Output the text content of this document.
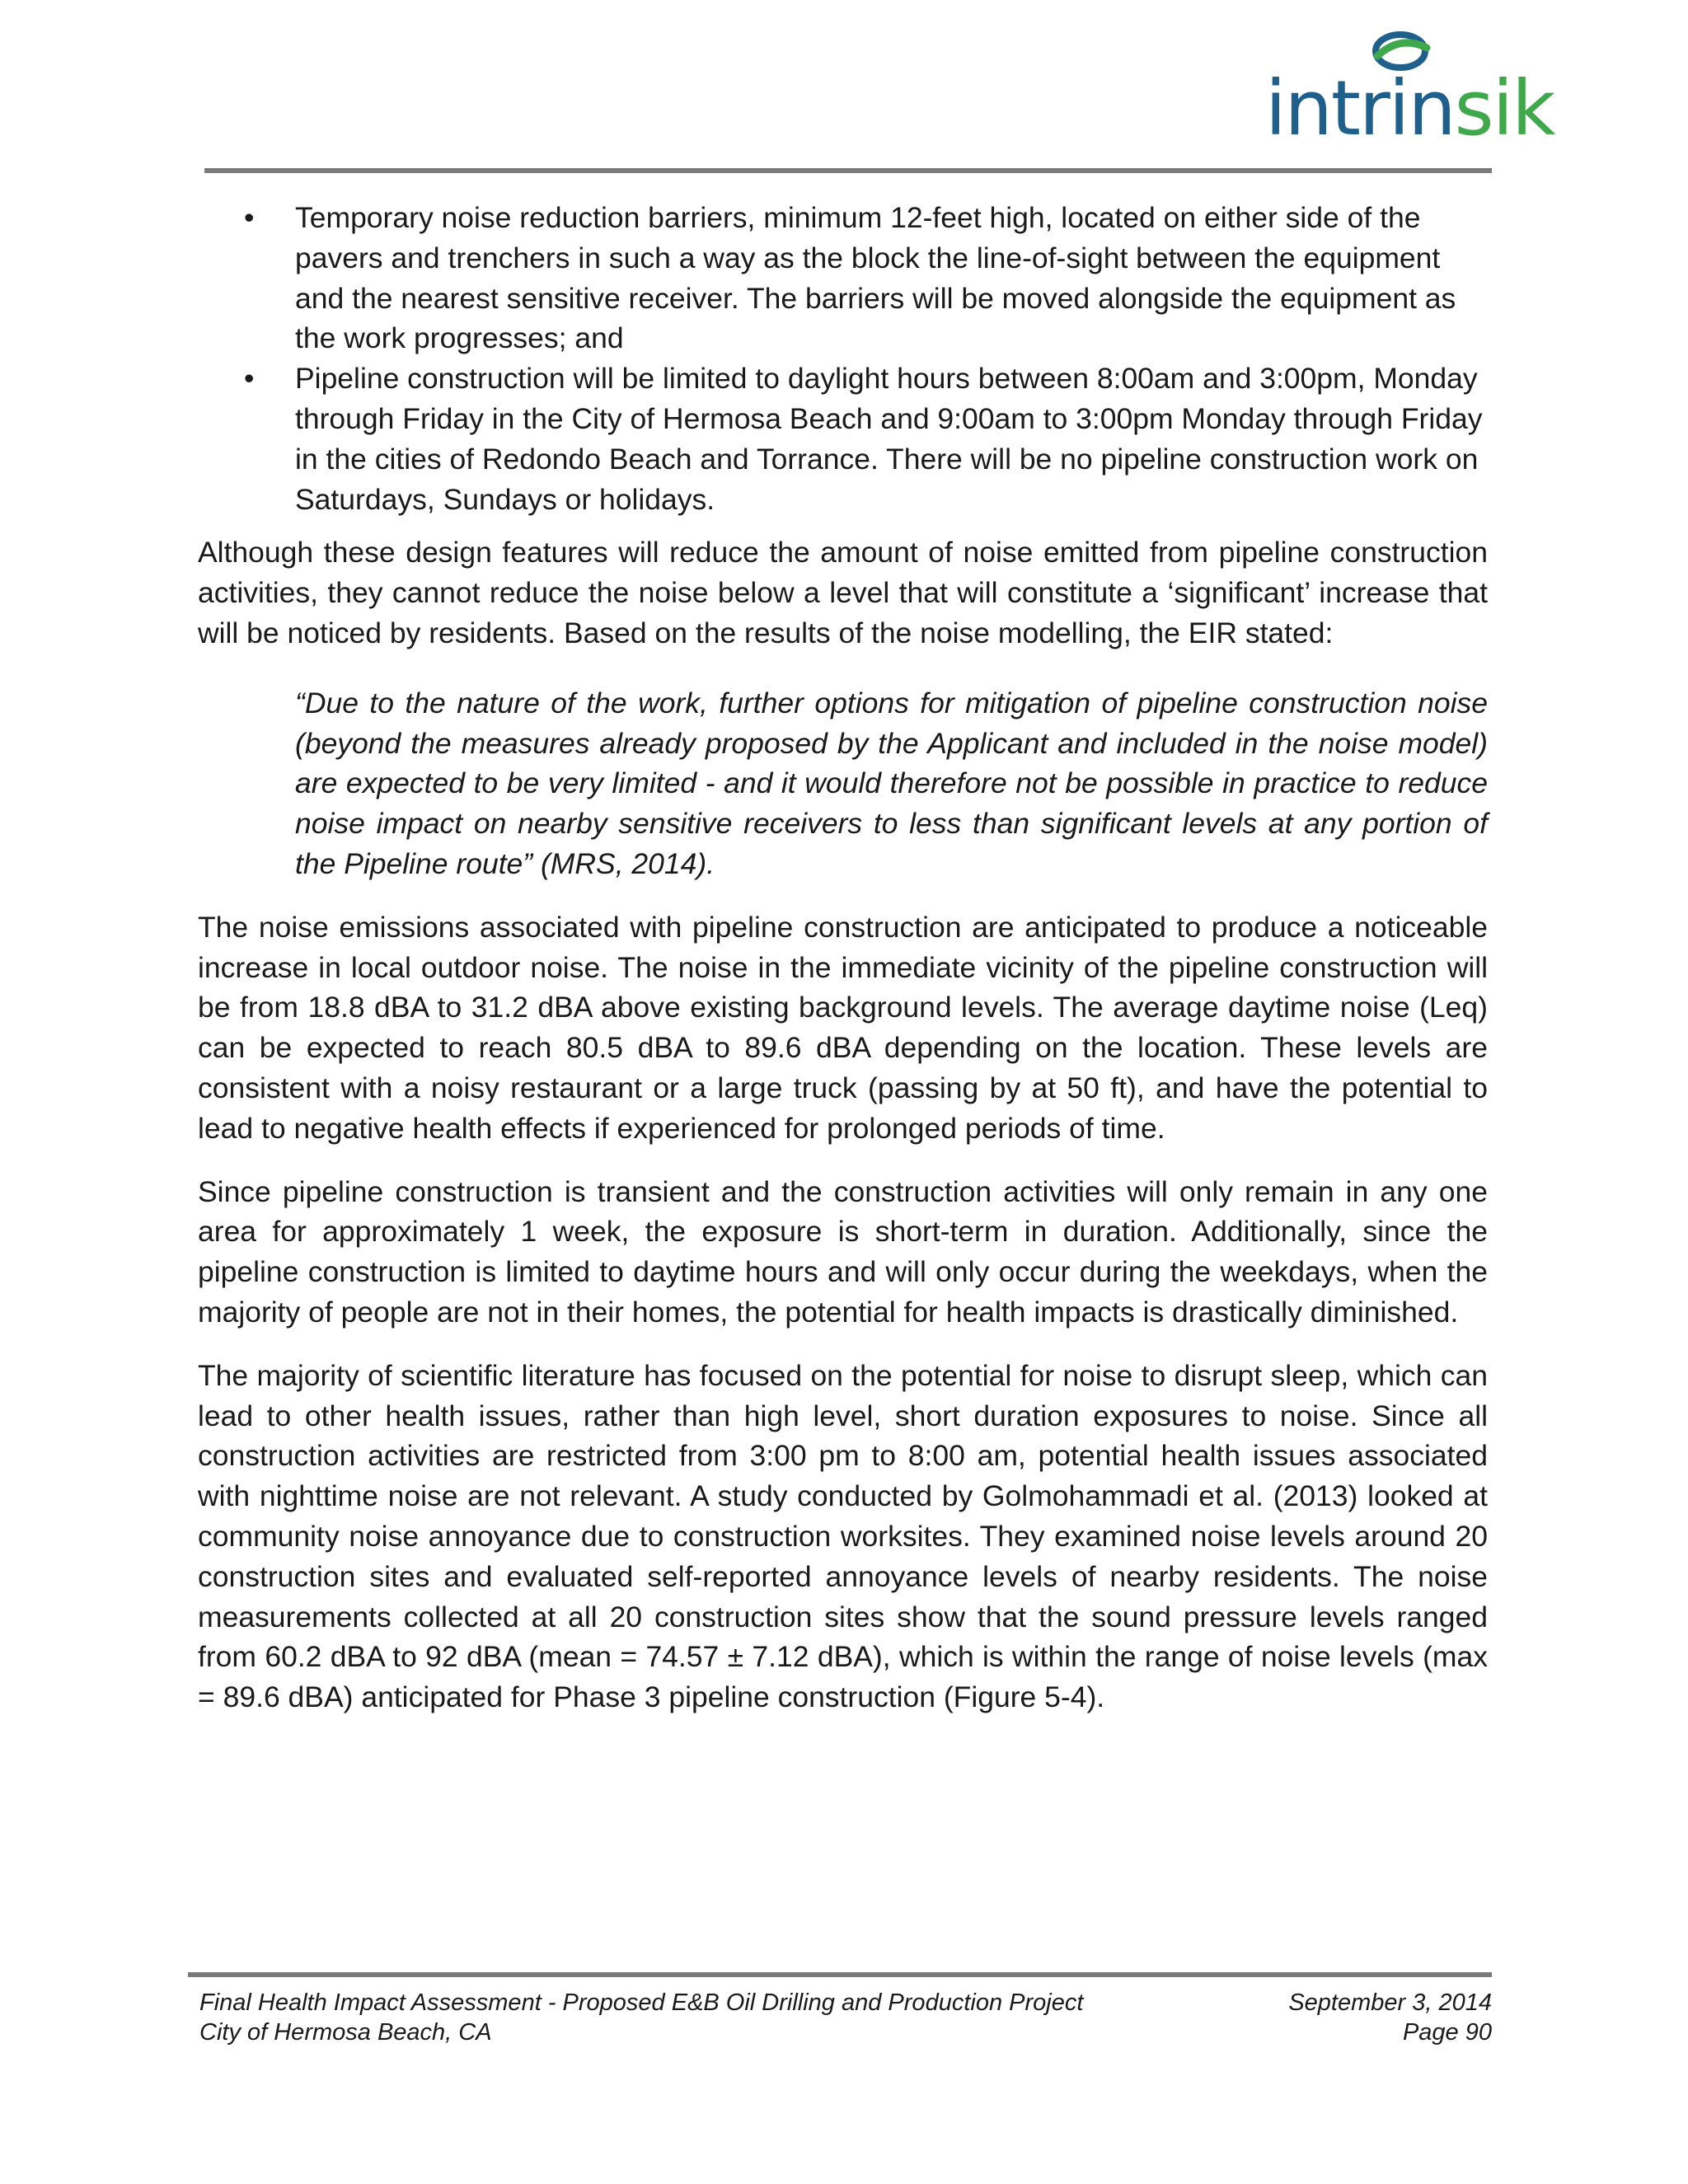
intrinsik
• Temporary noise reduction barriers, minimum 12-feet high, located on either side of the pavers and trenchers in such a way as the block the line-of-sight between the equipment and the nearest sensitive receiver. The barriers will be moved alongside the equipment as the work progresses; and
• Pipeline construction will be limited to daylight hours between 8:00am and 3:00pm, Monday through Friday in the City of Hermosa Beach and 9:00am to 3:00pm Monday through Friday in the cities of Redondo Beach and Torrance. There will be no pipeline construction work on Saturdays, Sundays or holidays.

Although these design features will reduce the amount of noise emitted from pipeline construction activities, they cannot reduce the noise below a level that will constitute a ‘significant’ increase that will be noticed by residents. Based on the results of the noise modelling, the EIR stated:

“Due to the nature of the work, further options for mitigation of pipeline construction noise (beyond the measures already proposed by the Applicant and included in the noise model) are expected to be very limited - and it would therefore not be possible in practice to reduce noise impact on nearby sensitive receivers to less than significant levels at any portion of the Pipeline route” (MRS, 2014).

The noise emissions associated with pipeline construction are anticipated to produce a noticeable increase in local outdoor noise. The noise in the immediate vicinity of the pipeline construction will be from 18.8 dBA to 31.2 dBA above existing background levels. The average daytime noise (Leq) can be expected to reach 80.5 dBA to 89.6 dBA depending on the location. These levels are consistent with a noisy restaurant or a large truck (passing by at 50 ft), and have the potential to lead to negative health effects if experienced for prolonged periods of time.

Since pipeline construction is transient and the construction activities will only remain in any one area for approximately 1 week, the exposure is short-term in duration. Additionally, since the pipeline construction is limited to daytime hours and will only occur during the weekdays, when the majority of people are not in their homes, the potential for health impacts is drastically diminished.

The majority of scientific literature has focused on the potential for noise to disrupt sleep, which can lead to other health issues, rather than high level, short duration exposures to noise. Since all construction activities are restricted from 3:00 pm to 8:00 am, potential health issues associated with nighttime noise are not relevant. A study conducted by Golmohammadi et al. (2013) looked at community noise annoyance due to construction worksites. They examined noise levels around 20 construction sites and evaluated self-reported annoyance levels of nearby residents. The noise measurements collected at all 20 construction sites show that the sound pressure levels ranged from 60.2 dBA to 92 dBA (mean = 74.57 ± 7.12 dBA), which is within the range of noise levels (max = 89.6 dBA) anticipated for Phase 3 pipeline construction (Figure 5-4).

Final Health Impact Assessment - Proposed E&B Oil Drilling and Production Project	September 3, 2014
City of Hermosa Beach, CA	Page 90
